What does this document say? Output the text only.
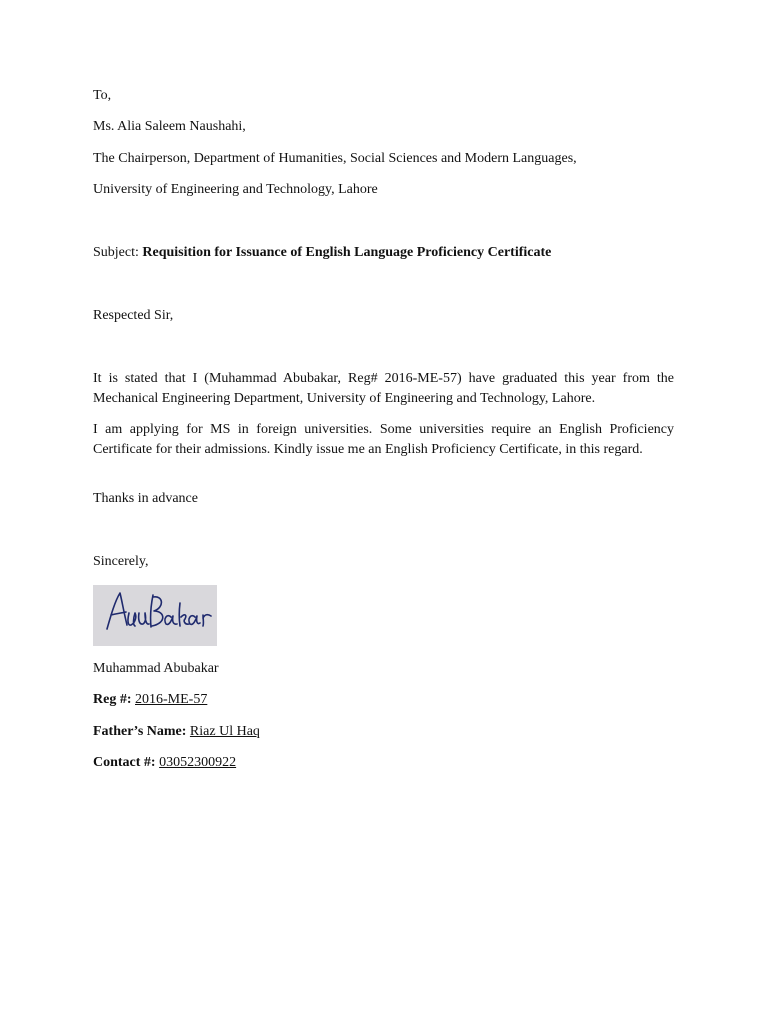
To,
Ms. Alia Saleem Naushahi,
The Chairperson, Department of Humanities, Social Sciences and Modern Languages,
University of Engineering and Technology, Lahore
Subject: Requisition for Issuance of English Language Proficiency Certificate
Respected Sir,
It is stated that I (Muhammad Abubakar, Reg# 2016-ME-57) have graduated this year from the Mechanical Engineering Department, University of Engineering and Technology, Lahore.
I am applying for MS in foreign universities. Some universities require an English Proficiency Certificate for their admissions. Kindly issue me an English Proficiency Certificate, in this regard.
Thanks in advance
Sincerely,
Muhammad Abubakar
Reg #: 2016-ME-57
Father’s Name: Riaz Ul Haq
Contact #: 03052300922
